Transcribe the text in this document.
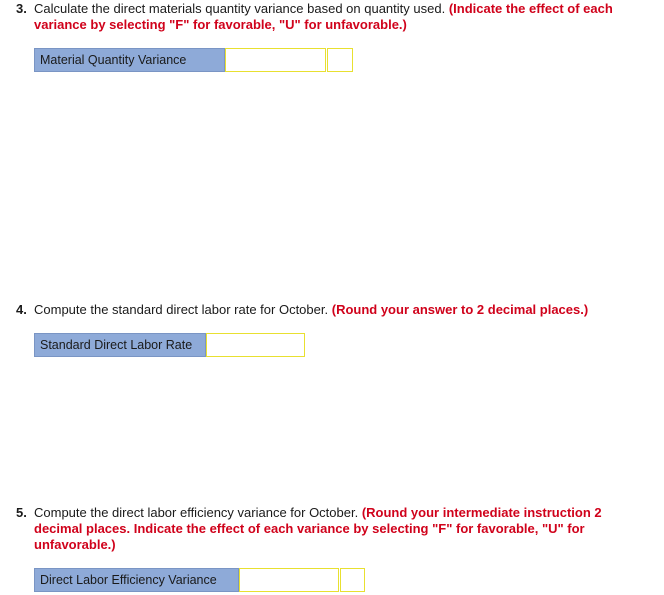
3. Calculate the direct materials quantity variance based on quantity used. (Indicate the effect of each variance by selecting "F" for favorable, "U" for unfavorable.)
Material Quantity Variance
4. Compute the standard direct labor rate for October. (Round your answer to 2 decimal places.)
Standard Direct Labor Rate
5. Compute the direct labor efficiency variance for October. (Round your intermediate instruction 2 decimal places. Indicate the effect of each variance by selecting "F" for favorable, "U" for unfavorable.)
Direct Labor Efficiency Variance
